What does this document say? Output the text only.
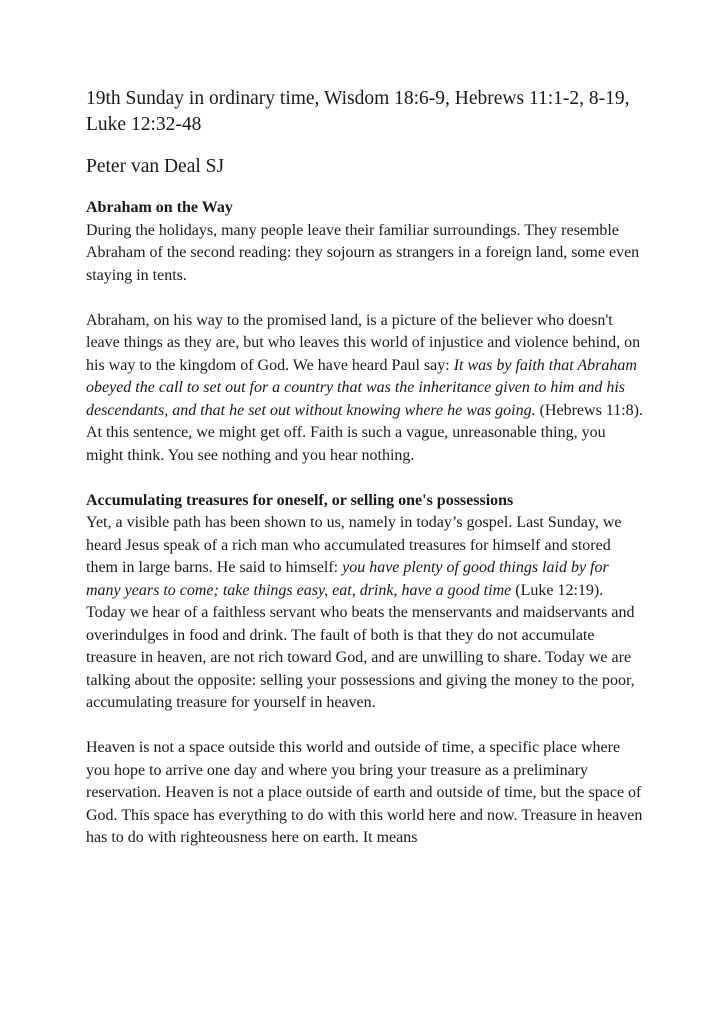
19th Sunday in ordinary time, Wisdom 18:6-9, Hebrews 11:1-2, 8-19, Luke 12:32-48

Peter van Deal SJ

Abraham on the Way

During the holidays, many people leave their familiar surroundings. They resemble Abraham of the second reading: they sojourn as strangers in a foreign land, some even staying in tents.

Abraham, on his way to the promised land, is a picture of the believer who doesn't leave things as they are, but who leaves this world of injustice and violence behind, on his way to the kingdom of God. We have heard Paul say: It was by faith that Abraham obeyed the call to set out for a country that was the inheritance given to him and his descendants, and that he set out without knowing where he was going. (Hebrews 11:8). At this sentence, we might get off. Faith is such a vague, unreasonable thing, you might think. You see nothing and you hear nothing.

Accumulating treasures for oneself, or selling one's possessions

Yet, a visible path has been shown to us, namely in today’s gospel. Last Sunday, we heard Jesus speak of a rich man who accumulated treasures for himself and stored them in large barns. He said to himself: you have plenty of good things laid by for many years to come; take things easy, eat, drink, have a good time (Luke 12:19). Today we hear of a faithless servant who beats the menservants and maidservants and overindulges in food and drink. The fault of both is that they do not accumulate treasure in heaven, are not rich toward God, and are unwilling to share. Today we are talking about the opposite: selling your possessions and giving the money to the poor, accumulating treasure for yourself in heaven.

Heaven is not a space outside this world and outside of time, a specific place where you hope to arrive one day and where you bring your treasure as a preliminary reservation. Heaven is not a place outside of earth and outside of time, but the space of God. This space has everything to do with this world here and now. Treasure in heaven has to do with righteousness here on earth. It means
